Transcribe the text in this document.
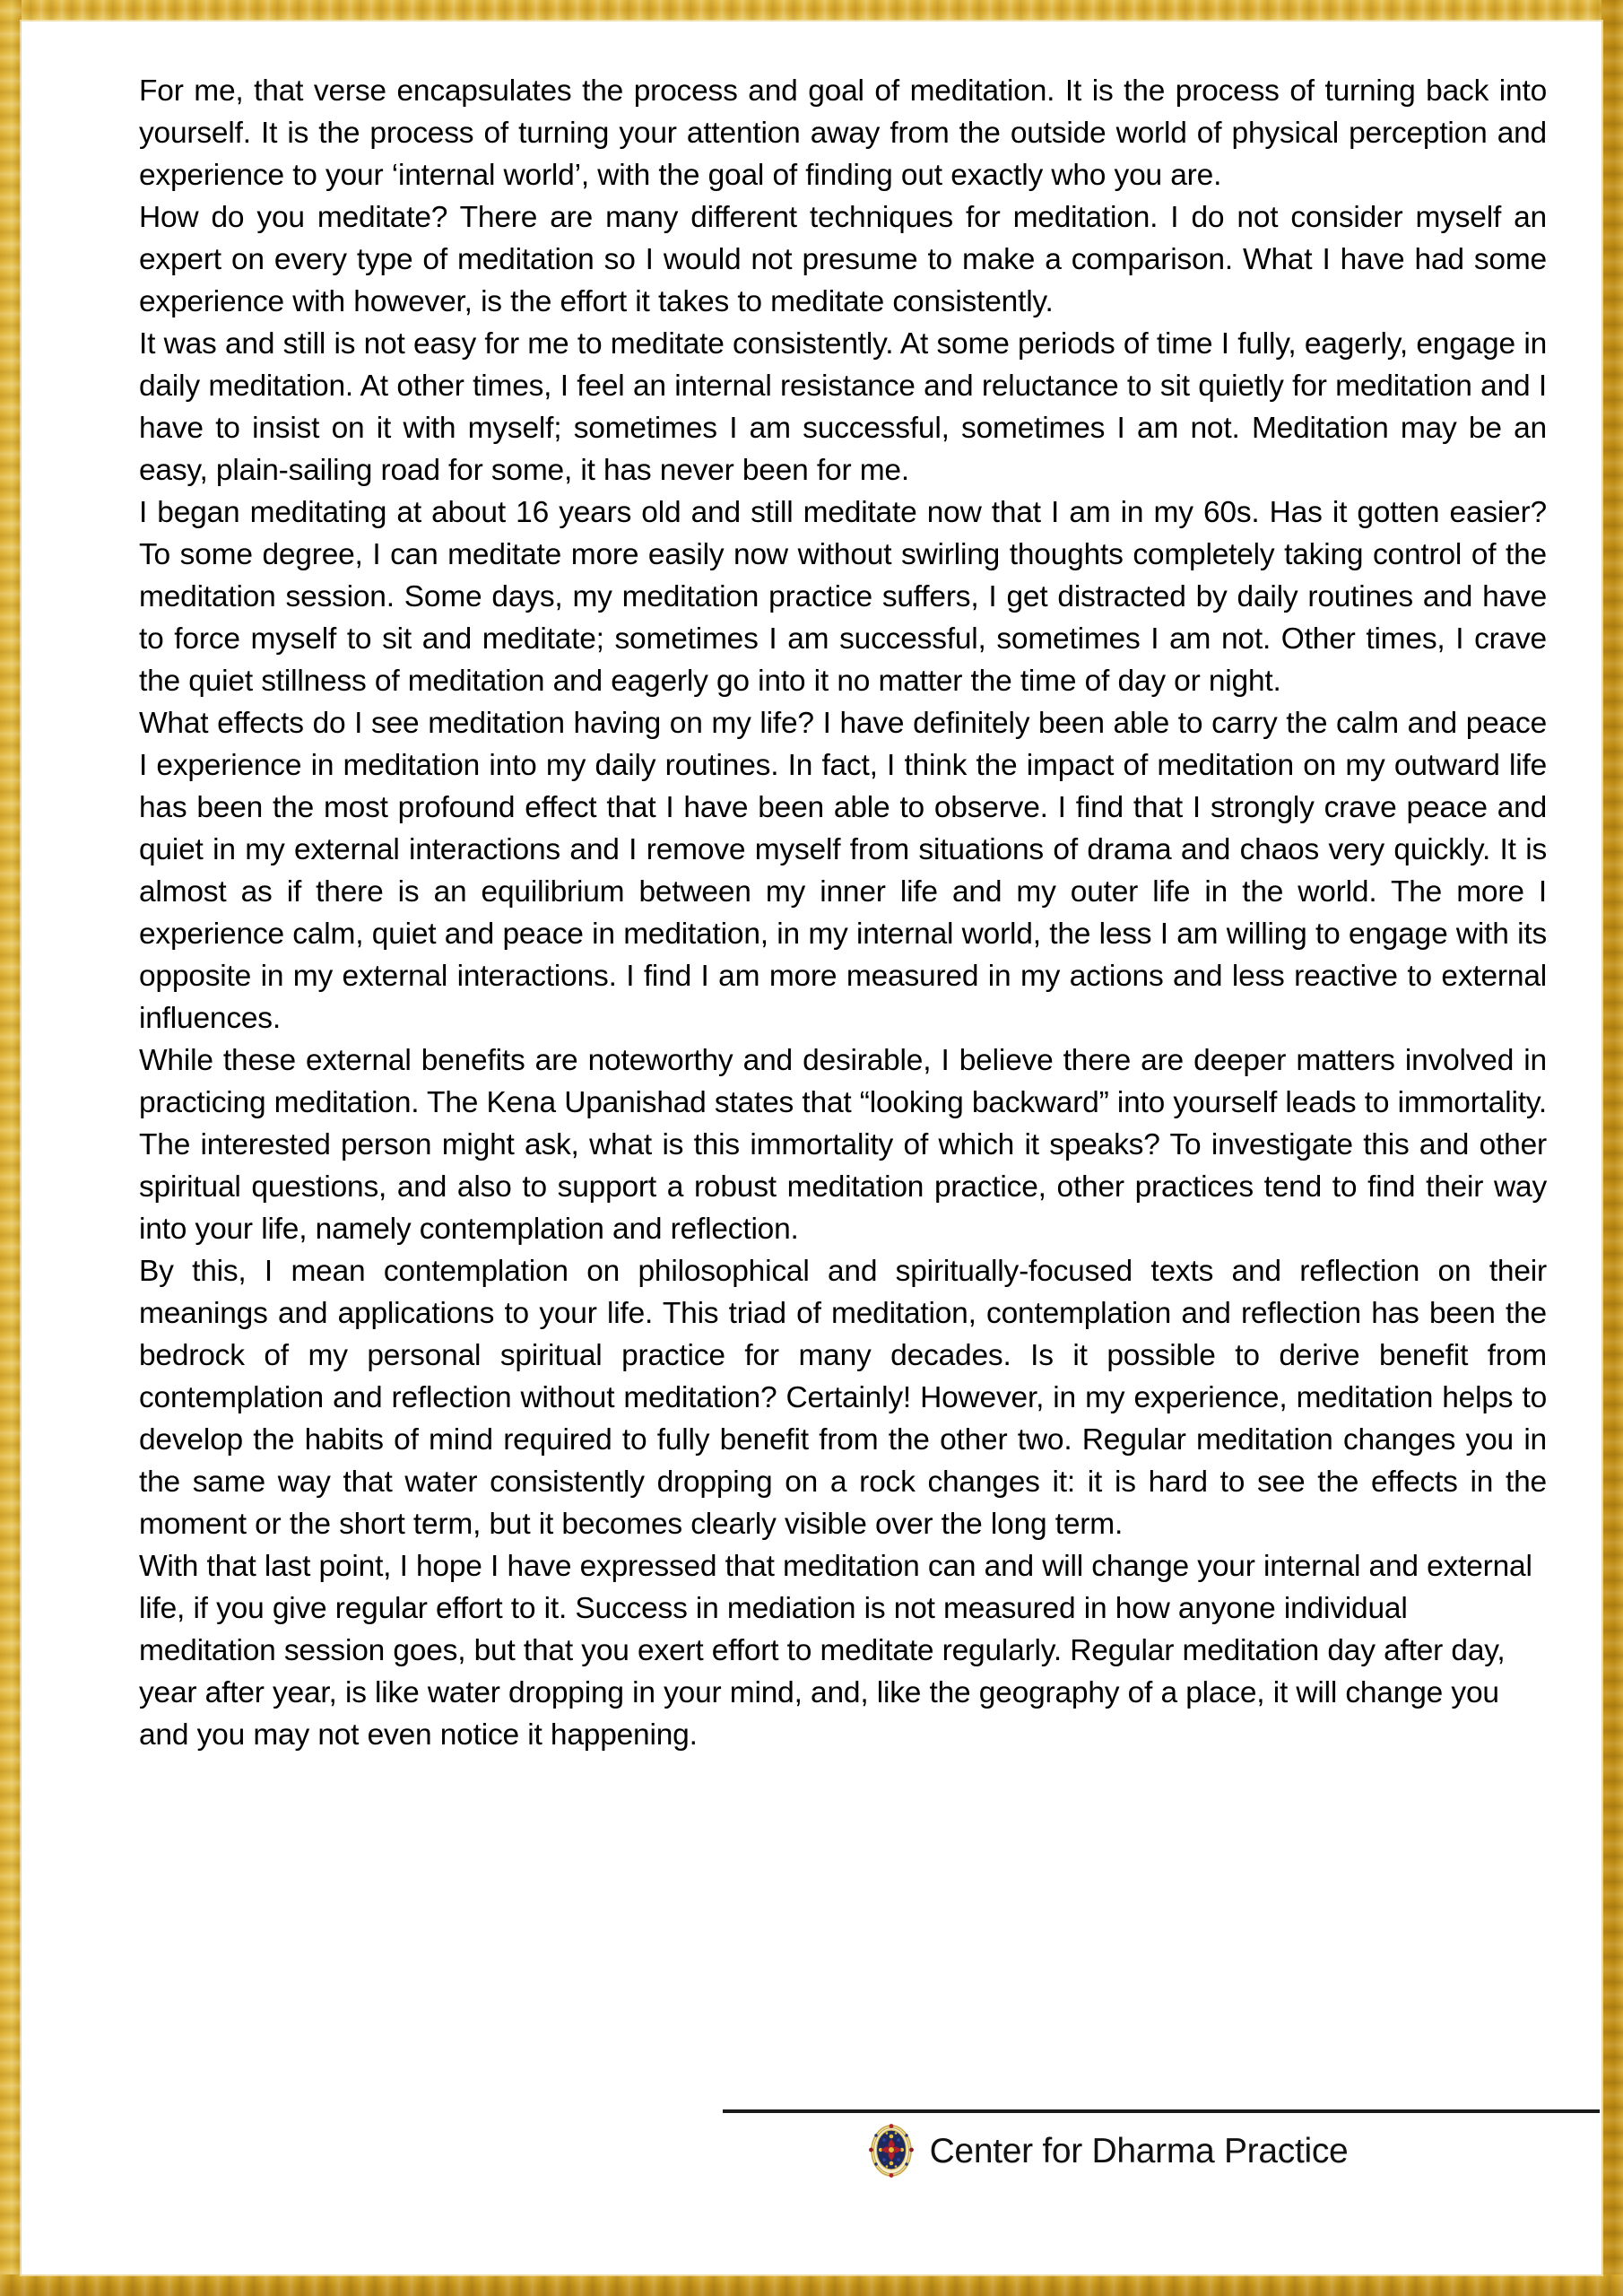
For me, that verse encapsulates the process and goal of meditation. It is the process of turning back into yourself. It is the process of turning your attention away from the outside world of physical perception and experience to your ‘internal world’, with the goal of finding out exactly who you are.

How do you meditate? There are many different techniques for meditation. I do not consider myself an expert on every type of meditation so I would not presume to make a comparison. What I have had some experience with however, is the effort it takes to meditate consistently.

It was and still is not easy for me to meditate consistently. At some periods of time I fully, eagerly, engage in daily meditation. At other times, I feel an internal resistance and reluctance to sit quietly for meditation and I have to insist on it with myself; sometimes I am successful, sometimes I am not. Meditation may be an easy, plain-sailing road for some, it has never been for me.

I began meditating at about 16 years old and still meditate now that I am in my 60s. Has it gotten easier? To some degree, I can meditate more easily now without swirling thoughts completely taking control of the meditation session. Some days, my meditation practice suffers, I get distracted by daily routines and have to force myself to sit and meditate; sometimes I am successful, sometimes I am not. Other times, I crave the quiet stillness of meditation and eagerly go into it no matter the time of day or night.

What effects do I see meditation having on my life? I have definitely been able to carry the calm and peace I experience in meditation into my daily routines. In fact, I think the impact of meditation on my outward life has been the most profound effect that I have been able to observe. I find that I strongly crave peace and quiet in my external interactions and I remove myself from situations of drama and chaos very quickly. It is almost as if there is an equilibrium between my inner life and my outer life in the world. The more I experience calm, quiet and peace in meditation, in my internal world, the less I am willing to engage with its opposite in my external interactions. I find I am more measured in my actions and less reactive to external influences.

While these external benefits are noteworthy and desirable, I believe there are deeper matters involved in practicing meditation. The Kena Upanishad states that “looking backward” into yourself leads to immortality. The interested person might ask, what is this immortality of which it speaks? To investigate this and other spiritual questions, and also to support a robust meditation practice, other practices tend to find their way into your life, namely contemplation and reflection.

By this, I mean contemplation on philosophical and spiritually-focused texts and reflection on their meanings and applications to your life. This triad of meditation, contemplation and reflection has been the bedrock of my personal spiritual practice for many decades. Is it possible to derive benefit from contemplation and reflection without meditation? Certainly! However, in my experience, meditation helps to develop the habits of mind required to fully benefit from the other two. Regular meditation changes you in the same way that water consistently dropping on a rock changes it: it is hard to see the effects in the moment or the short term, but it becomes clearly visible over the long term.

With that last point, I hope I have expressed that meditation can and will change your internal and external life, if you give regular effort to it. Success in mediation is not measured in how anyone individual meditation session goes, but that you exert effort to meditate regularly. Regular meditation day after day, year after year, is like water dropping in your mind, and, like the geography of a place, it will change you and you may not even notice it happening.

Center for Dharma Practice
